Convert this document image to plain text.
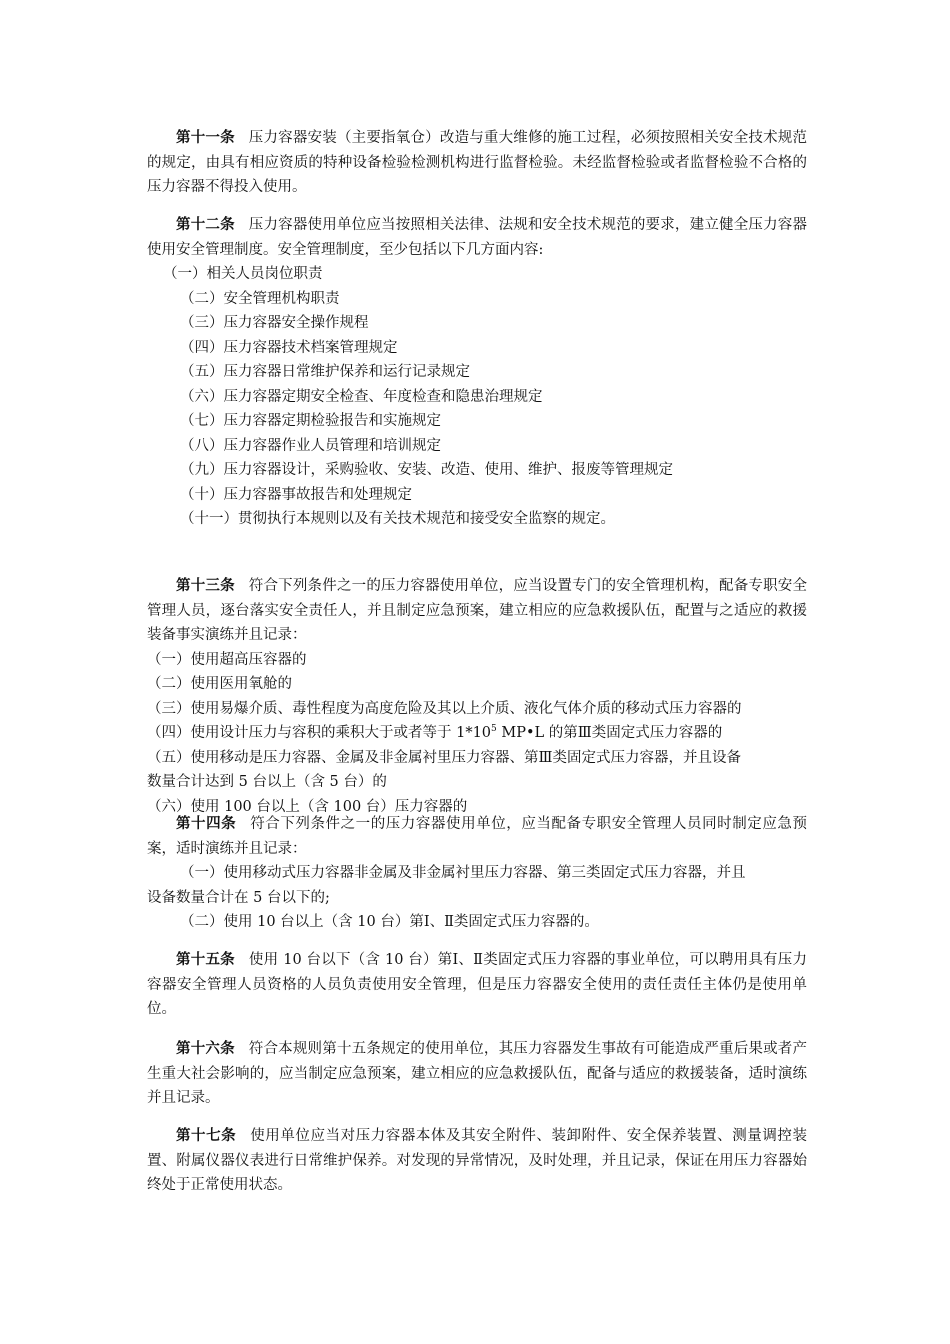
第十一条 压力容器安装（主要指氧仓）改造与重大维修的施工过程，必须按照相关安全技术规范的规定，由具有相应资质的特种设备检验检测机构进行监督检验。未经监督检验或者监督检验不合格的压力容器不得投入使用。

第十二条 压力容器使用单位应当按照相关法律、法规和安全技术规范的要求，建立健全压力容器使用安全管理制度。安全管理制度，至少包括以下几方面内容:

（一）相关人员岗位职责

（二）安全管理机构职责

（三）压力容器安全操作规程

（四）压力容器技术档案管理规定

（五）压力容器日常维护保养和运行记录规定

（六）压力容器定期安全检查、年度检查和隐患治理规定

（七）压力容器定期检验报告和实施规定

（八）压力容器作业人员管理和培训规定

（九）压力容器设计，采购验收、安装、改造、使用、维护、报废等管理规定

（十）压力容器事故报告和处理规定

（十一）贯彻执行本规则以及有关技术规范和接受安全监察的规定。

第十三条 符合下列条件之一的压力容器使用单位，应当设置专门的安全管理机构，配备专职安全管理人员，逐台落实安全责任人，并且制定应急预案，建立相应的应急救援队伍，配置与之适应的救援装备事实演练并且记录：

（一）使用超高压容器的

（二）使用医用氧舱的

（三）使用易爆介质、毒性程度为高度危险及其以上介质、液化气体介质的移动式压力容器的

（四）使用设计压力与容积的乘积大于或者等于 $1*10^5$ MP•L 的第Ⅲ类固定式压力容器的

（五）使用移动是压力容器、金属及非金属衬里压力容器、第Ⅲ类固定式压力容器，并且设备

数量合计达到 5 台以上（含 5 台）的

（六）使用 100 台以上（含 100 台）压力容器的

第十四条 符合下列条件之一的压力容器使用单位，应当配备专职安全管理人员同时制定应急预案，适时演练并且记录：

（一）使用移动式压力容器非金属及非金属衬里压力容器、第三类固定式压力容器，并且

设备数量合计在 5 台以下的;

（二）使用 10 台以上（含 10 台）第Ⅰ、Ⅱ类固定式压力容器的。

第十五条 使用 10 台以下（含 10 台）第Ⅰ、Ⅱ类固定式压力容器的事业单位，可以聘用具有压力容器安全管理人员资格的人员负责使用安全管理，但是压力容器安全使用的责任责任主体仍是使用单位。

第十六条 符合本规则第十五条规定的使用单位，其压力容器发生事故有可能造成严重后果或者产生重大社会影响的，应当制定应急预案，建立相应的应急救援队伍，配备与适应的救援装备，适时演练并且记录。

第十七条 使用单位应当对压力容器本体及其安全附件、装卸附件、安全保养装置、测量调控装置、附属仪器仪表进行日常维护保养。对发现的异常情况，及时处理，并且记录，保证在用压力容器始终处于正常使用状态。
